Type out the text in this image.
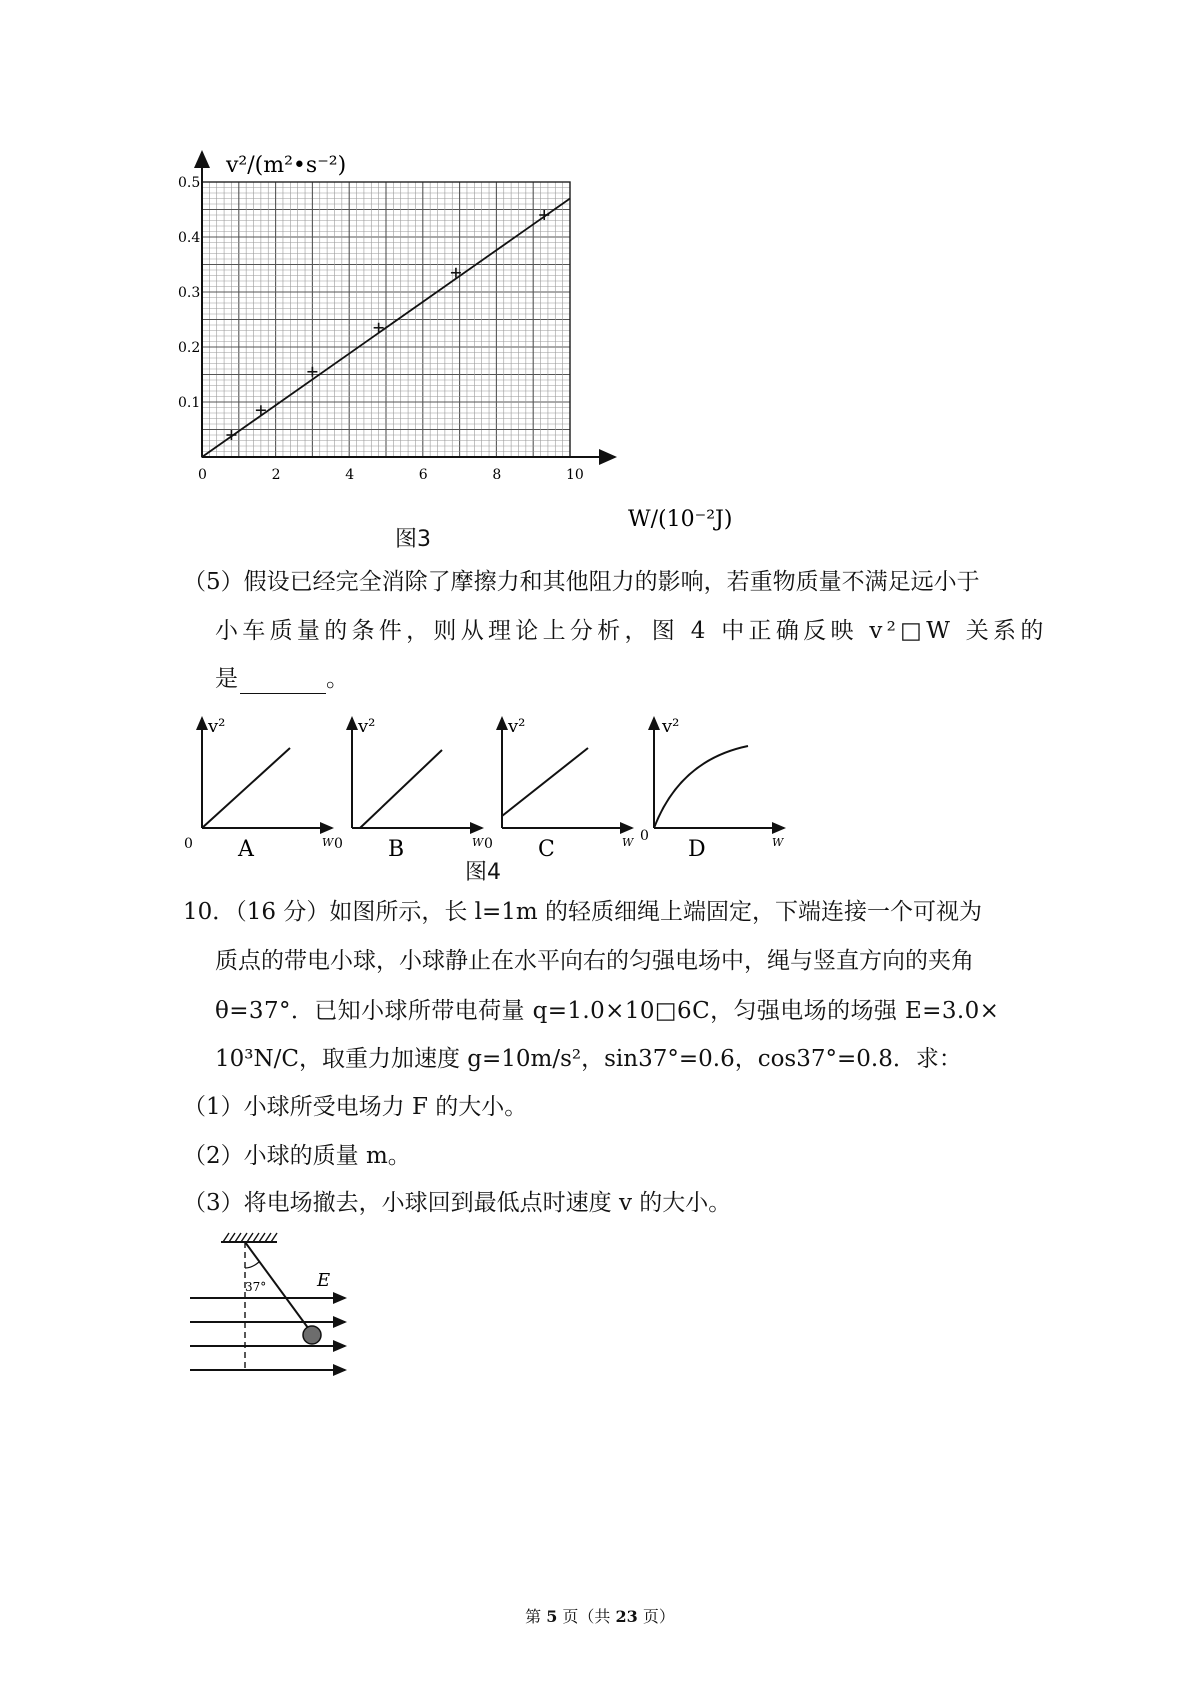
0	2	4	6	8	10
0.1
0.2
0.3
0.4
0.5
v²/(m²•s⁻²)
W/(10⁻²J)
图3
（5）假设已经完全消除了摩擦力和其他阻力的影响，若重物质量不满足远小于
小车质量的条件，则从理论上分析，图 4 中正确反映 v²□W 关系的
是	。
v²
W
0 A
v²
W
0 B
v²
W
0 C
v²
W
0
D
图4
10．（16 分）如图所示，长 l=1m 的轻质细绳上端固定，下端连接一个可视为
质点的带电小球，小球静止在水平向右的匀强电场中，绳与竖直方向的夹角
θ=37°．已知小球所带电荷量 q=1.0×10□6C，匀强电场的场强 E=3.0×
10³N/C，取重力加速度 g=10m/s²，sin37°=0.6，cos37°=0.8．求：
（1）小球所受电场力 F 的大小。
（2）小球的质量 m。
（3）将电场撤去，小球回到最低点时速度 v 的大小。
37°	E
第 5 页（共 23 页）
